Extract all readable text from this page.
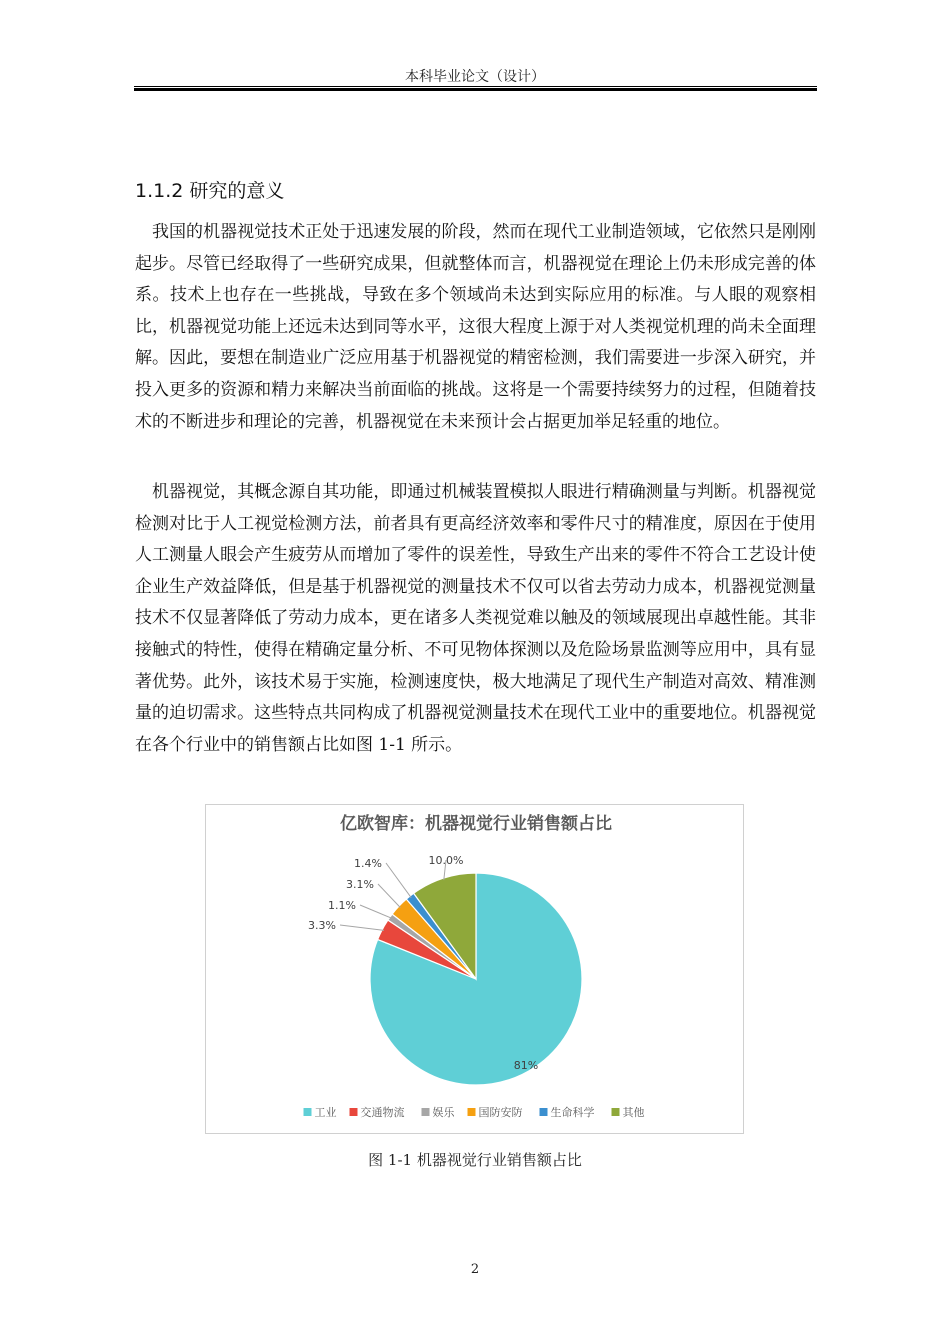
本科毕业论文（设计）
1.1.2 研究的意义

我国的机器视觉技术正处于迅速发展的阶段，然而在现代工业制造领域，它依然只是刚刚起步。尽管已经取得了一些研究成果，但就整体而言，机器视觉在理论上仍未形成完善的体系。技术上也存在一些挑战，导致在多个领域尚未达到实际应用的标准。与人眼的观察相比，机器视觉功能上还远未达到同等水平，这很大程度上源于对人类视觉机理的尚未全面理解。因此，要想在制造业广泛应用基于机器视觉的精密检测，我们需要进一步深入研究，并投入更多的资源和精力来解决当前面临的挑战。这将是一个需要持续努力的过程，但随着技术的不断进步和理论的完善，机器视觉在未来预计会占据更加举足轻重的地位。

机器视觉，其概念源自其功能，即通过机械装置模拟人眼进行精确测量与判断。机器视觉检测对比于人工视觉检测方法，前者具有更高经济效率和零件尺寸的精准度，原因在于使用人工测量人眼会产生疲劳从而增加了零件的误差性，导致生产出来的零件不符合工艺设计使企业生产效益降低，但是基于机器视觉的测量技术不仅可以省去劳动力成本，机器视觉测量技术不仅显著降低了劳动力成本，更在诸多人类视觉难以触及的领域展现出卓越性能。其非接触式的特性，使得在精确定量分析、不可见物体探测以及危险场景监测等应用中，具有显著优势。此外，该技术易于实施，检测速度快，极大地满足了现代生产制造对高效、精准测量的迫切需求。这些特点共同构成了机器视觉测量技术在现代工业中的重要地位。机器视觉在各个行业中的销售额占比如图 1-1 所示。

亿欧智库：机器视觉行业销售额占比
81%
3.3%
1.1%
3.1%
1.4%	10.0%
工业 交通物流	娱乐 国防安防	生命科学	其他
图 1-1 机器视觉行业销售额占比
2
